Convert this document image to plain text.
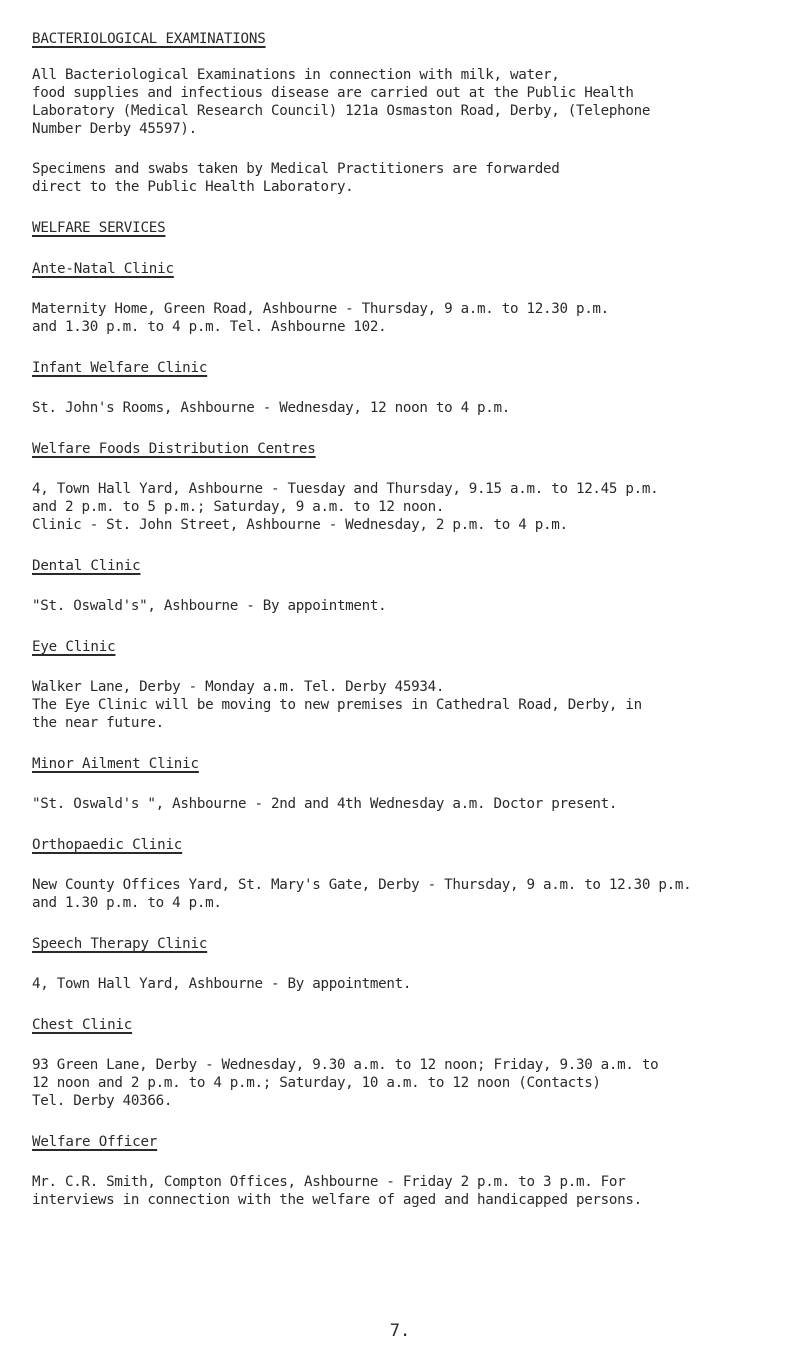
BACTERIOLOGICAL EXAMINATIONS

All Bacteriological Examinations in connection with milk, water,
food supplies and infectious disease are carried out at the Public Health
Laboratory (Medical Research Council) 121a Osmaston Road, Derby, (Telephone
Number Derby 45597).

Specimens and swabs taken by Medical Practitioners are forwarded
direct to the Public Health Laboratory.

WELFARE SERVICES
Ante-Natal Clinic

Maternity Home, Green Road, Ashbourne - Thursday, 9 a.m. to 12.30 p.m.
and 1.30 p.m. to 4 p.m. Tel. Ashbourne 102.

Infant Welfare Clinic

St. John's Rooms, Ashbourne - Wednesday, 12 noon to 4 p.m.

Welfare Foods Distribution Centres

4, Town Hall Yard, Ashbourne - Tuesday and Thursday, 9.15 a.m. to 12.45 p.m.
and 2 p.m. to 5 p.m.; Saturday, 9 a.m. to 12 noon.
Clinic - St. John Street, Ashbourne - Wednesday, 2 p.m. to 4 p.m.

Dental Clinic

"St. Oswald's", Ashbourne - By appointment.

Eye Clinic

Walker Lane, Derby - Monday a.m. Tel. Derby 45934.
The Eye Clinic will be moving to new premises in Cathedral Road, Derby, in
the near future.

Minor Ailment Clinic

"St. Oswald's ", Ashbourne - 2nd and 4th Wednesday a.m. Doctor present.

Orthopaedic Clinic

New County Offices Yard, St. Mary's Gate, Derby - Thursday, 9 a.m. to 12.30 p.m.
and 1.30 p.m. to 4 p.m.

Speech Therapy Clinic

4, Town Hall Yard, Ashbourne - By appointment.

Chest Clinic

93 Green Lane, Derby - Wednesday, 9.30 a.m. to 12 noon; Friday, 9.30 a.m. to
12 noon and 2 p.m. to 4 p.m.; Saturday, 10 a.m. to 12 noon (Contacts)
Tel. Derby 40366.

Welfare Officer

Mr. C.R. Smith, Compton Offices, Ashbourne - Friday 2 p.m. to 3 p.m. For
interviews in connection with the welfare of aged and handicapped persons.

7.
